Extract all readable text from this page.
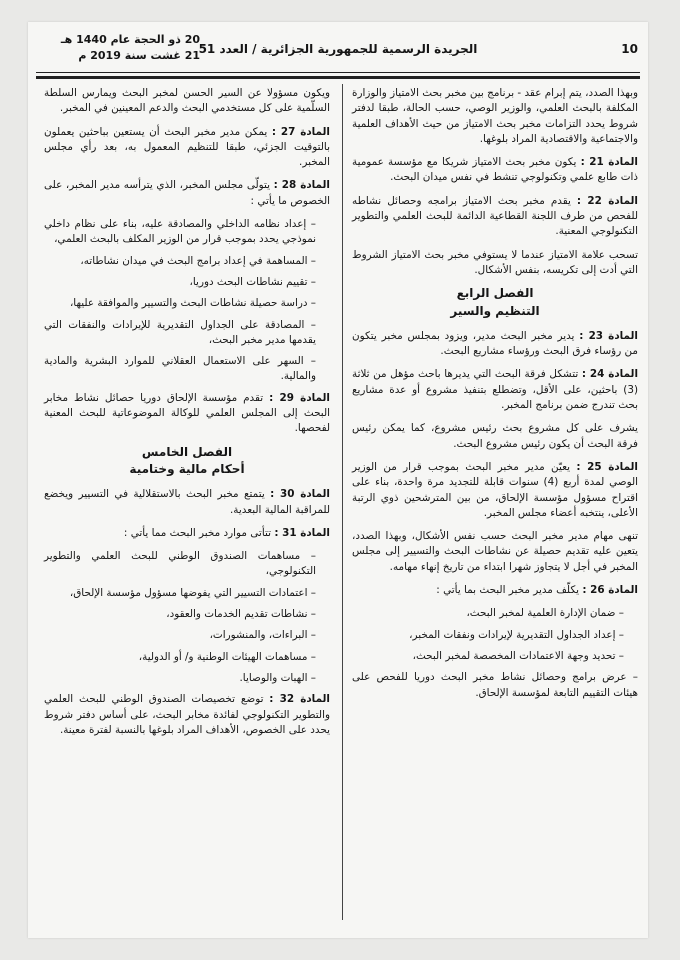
10
الجريدة الرسمية للجمهورية الجزائرية / العدد 51
20 ذو الحجة عام 1440 هـ
21 غشت سنة 2019 م

وبهذا الصدد، يتم إبرام عقد - برنامج بين مخبر بحث الامتياز والوزارة المكلفة بالبحث العلمي، والوزير الوصي، حسب الحالة، طبقا لدفتر شروط يحدد التزامات مخبر بحث الامتياز من حيث الأهداف العلمية والاجتماعية والاقتصادية المراد بلوغها.

المادة 21 : يكون مخبر بحث الامتياز شريكا مع مؤسسة عمومية ذات طابع علمي وتكنولوجي تنشط في نفس ميدان البحث.

المادة 22 : يقدم مخبر بحث الامتياز برامجه وحصائل نشاطه للفحص من طرف اللجنة القطاعية الدائمة للبحث العلمي والتطوير التكنولوجي المعنية.

تسحب علامة الامتياز عندما لا يستوفي مخبر بحث الامتياز الشروط التي أدت إلى تكريسه، بنفس الأشكال.

الفصل الرابع
التنظيم والسير

المادة 23 : يدير مخبر البحث مدير، ويزود بمجلس مخبر يتكون من رؤساء فرق البحث ورؤساء مشاريع البحث.

المادة 24 : تتشكل فرقة البحث التي يديرها باحث مؤهل من ثلاثة (3) باحثين، على الأقل، وتضطلع بتنفيذ مشروع أو عدة مشاريع بحث تندرج ضمن برنامج المخبر.

يشرف على كل مشروع بحث رئيس مشروع، كما يمكن رئيس فرقة البحث أن يكون رئيس مشروع البحث.

المادة 25 : يعيّن مدير مخبر البحث بموجب قرار من الوزير الوصي لمدة أربع (4) سنوات قابلة للتجديد مرة واحدة، بناء على اقتراح مسؤول مؤسسة الإلحاق، من بين المترشحين ذوي الرتبة الأعلى، ينتخبه أعضاء مجلس المخبر.

تنهى مهام مدير مخبر البحث حسب نفس الأشكال، وبهذا الصدد، يتعين عليه تقديم حصيلة عن نشاطات البحث والتسيير إلى مجلس المخبر في أجل لا يتجاوز شهرا ابتداء من تاريخ إنهاء مهامه.

المادة 26 : يكلّف مدير مخبر البحث بما يأتي :

– ضمان الإدارة العلمية لمخبر البحث،
– إعداد الجداول التقديرية لإيرادات ونفقات المخبر،
– تحديد وجهة الاعتمادات المخصصة لمخبر البحث،
– عرض برامج وحصائل نشاط مخبر البحث دوريا للفحص على هيئات التقييم التابعة لمؤسسة الإلحاق.

ويكون مسؤولا عن السير الحسن لمخبر البحث ويمارس السلطة السلّمية على كل مستخدمي البحث والدعم المعينين في المخبر.

المادة 27 : يمكن مدير مخبر البحث أن يستعين بباحثين يعملون بالتوقيت الجزئي، طبقا للتنظيم المعمول به، بعد رأي مجلس المخبر.

المادة 28 : يتولّى مجلس المخبر، الذي يترأسه مدير المخبر، على الخصوص ما يأتي :

– إعداد نظامه الداخلي والمصادقة عليه، بناء على نظام داخلي نموذجي يحدد بموجب قرار من الوزير المكلف بالبحث العلمي،
– المساهمة في إعداد برامج البحث في ميدان نشاطاته،
– تقييم نشاطات البحث دوريا،
– دراسة حصيلة نشاطات البحث والتسيير والموافقة عليها،
– المصادقة على الجداول التقديرية للإيرادات والنفقات التي يقدمها مدير مخبر البحث،
– السهر على الاستعمال العقلاني للموارد البشرية والمادية والمالية.

المادة 29 : تقدم مؤسسة الإلحاق دوريا حصائل نشاط مخابر البحث إلى المجلس العلمي للوكالة الموضوعاتية للبحث المعنية لفحصها.

الفصل الخامس
أحكام مالية وختامية

المادة 30 : يتمتع مخبر البحث بالاستقلالية في التسيير ويخضع للمراقبة المالية البعدية.

المادة 31 : تتأتى موارد مخبر البحث مما يأتي :

– مساهمات الصندوق الوطني للبحث العلمي والتطوير التكنولوجي،
– اعتمادات التسيير التي يفوضها مسؤول مؤسسة الإلحاق،
– نشاطات تقديم الخدمات والعقود،
– البراءات، والمنشورات،
– مساهمات الهيئات الوطنية و/ أو الدولية،
– الهبات والوصايا.

المادة 32 : توضع تخصيصات الصندوق الوطني للبحث العلمي والتطوير التكنولوجي لفائدة مخابر البحث، على أساس دفتر شروط يحدد على الخصوص، الأهداف المراد بلوغها بالنسبة لفترة معينة.
